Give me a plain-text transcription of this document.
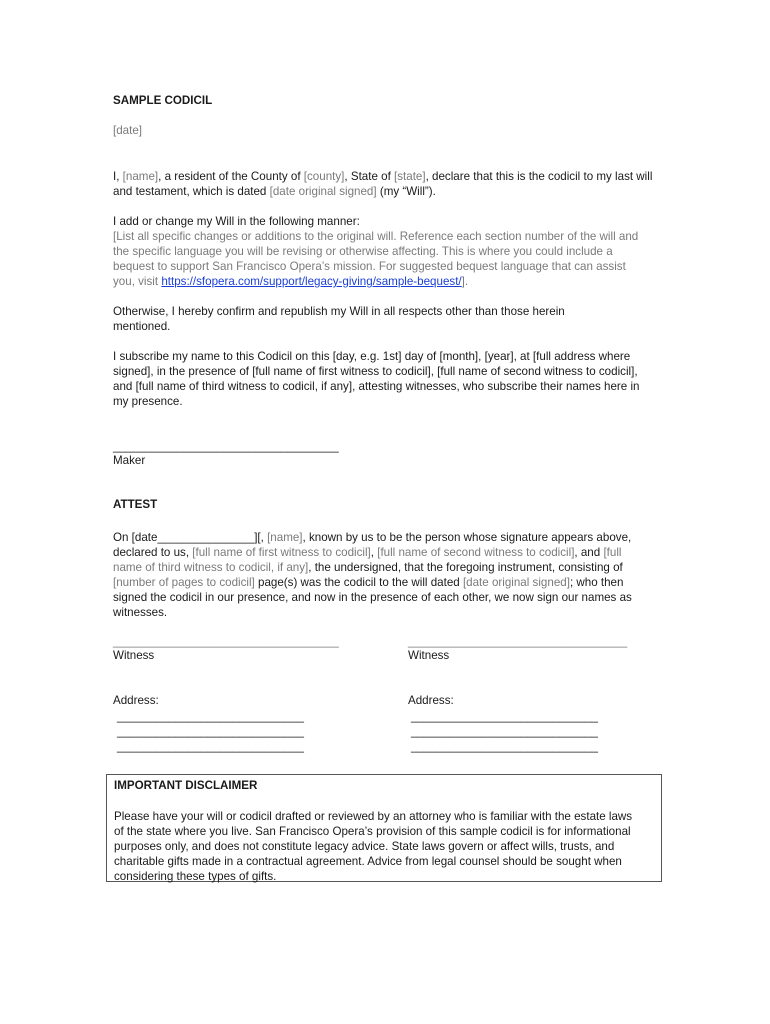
SAMPLE CODICIL
[date]
I, [name], a resident of the County of [county], State of [state], declare that this is the codicil to my last will and testament, which is dated [date original signed] (my “Will”).
I add or change my Will in the following manner:
[List all specific changes or additions to the original will. Reference each section number of the will and the specific language you will be revising or otherwise affecting. This is where you could include a bequest to support San Francisco Opera’s mission. For suggested bequest language that can assist you, visit https://sfopera.com/support/legacy-giving/sample-bequest/].
Otherwise, I hereby confirm and republish my Will in all respects other than those herein mentioned.
I subscribe my name to this Codicil on this [day, e.g. 1st] day of [month], [year], at [full address where signed], in the presence of [full name of first witness to codicil], [full name of second witness to codicil], and [full name of third witness to codicil, if any], attesting witnesses, who subscribe their names here in my presence.
___________________________________
Maker
ATTEST
On [date_______________][, [name], known by us to be the person whose signature appears above, declared to us, [full name of first witness to codicil], [full name of second witness to codicil], and [full name of third witness to codicil, if any], the undersigned, that the foregoing instrument, consisting of [number of pages to codicil] page(s) was the codicil to the will dated [date original signed]; who then signed the codicil in our presence, and now in the presence of each other, we now sign our names as witnesses.
___________________________________
Witness
Address:
_____________________________
_____________________________
_____________________________
__________________________________
Witness
Address:
_____________________________
_____________________________
_____________________________
IMPORTANT DISCLAIMER
Please have your will or codicil drafted or reviewed by an attorney who is familiar with the estate laws of the state where you live. San Francisco Opera’s provision of this sample codicil is for informational purposes only, and does not constitute legacy advice. State laws govern or affect wills, trusts, and charitable gifts made in a contractual agreement. Advice from legal counsel should be sought when considering these types of gifts.
